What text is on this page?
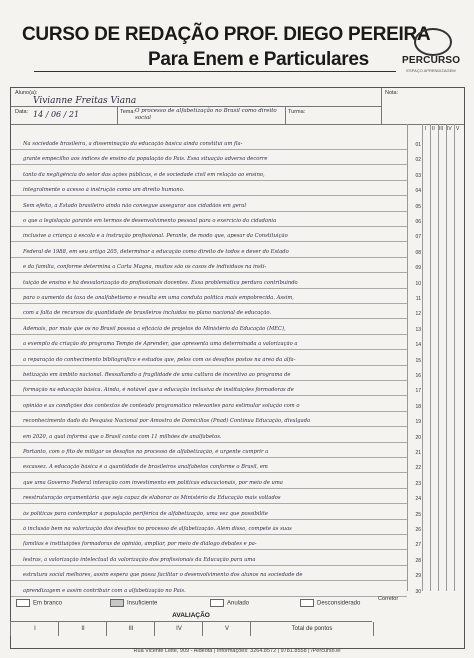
CURSO DE REDAÇÃO PROF. DIEGO PEREIRA
Para Enem e Particulares	PERCURSO
ESPAÇO APRENDIZAGEM
Aluno(a):
Vivianne Freitas Viana
Nota:
Data: 14 / 06 / 21	Tema: O processo de alfabetização no Brasil como direito social
Turma:
I II III IV V
01
Na sociedade brasileira, a disseminação da educação básica ainda constitui um fla-
02
grante empecilho aos índices de ensino da população do País. Essa situação adversa decorre
03
tanto da negligência do setor das ações públicas, e de sociedade civil em relação ao ensino,
04
integralmente o acesso à instrução como um direito humano.
05
Sem efeito, a Estado brasileiro ainda não consegue assegurar aos cidadãos em geral
06
o que a legislação garante em termos de desenvolvimento pessoal para o exercício da cidadania
07
inclusive a criança à escola e a instrução profissional. Perante, de modo que, apesar da Constituição
08
Federal de 1988, em seu artigo 205, determinar a educação como direito de todos e dever do Estado
09
e da família, conforme determina a Carta Magna, muitos são os casos de indivíduos na insti-
10
tuição de ensino e há desvalorização do profissionais docentes. Essa problemática perdura contribuindo
11
para o aumento da taxa de analfabetismo e resulta em uma conduta política mais empobrecida. Assim,
12
com a falta de recursos da quantidade de brasileiros incluídas no plano nacional de educação.
13
Ademais, por mais que os no Brasil possua a eficácia de projetos do Ministério da Educação (MEC),
14
a exemplo da criação do programa Tempo de Aprender, que apresenta uma determinada a valorização a
15
a reparação do conhecimento bibliográfico e estudos que, pelos com os desafios postos na área da alfa-
16
betização em âmbito nacional. Ressaltando a fragilidade de uma cultura de incentivo ao programa de
17
formação na educação básica. Ainda, é notável que a educação inclusiva de instituições formadoras de
18
opinião e as condições dos contextos de conteúdo programático relevantes para estimular solução com o
19
reconhecimento dado da Pesquisa Nacional por Amostra de Domicílios (Pnad) Contínua Educação, divulgada
20
em 2020, a qual informa que o Brasil conta com 11 milhões de analfabetos.
21
Portanto, com o fito de mitigar os desafios no processo de alfabetização, é urgente cumprir a
22
escassez. A educação básica é a quantidade de brasileiros analfabetos conforme o Brasil, em
23
que uma Governo Federal interação com investimento em políticas educacionais, por meio de uma
24
reestruturação orçamentária que seja capaz de elaborar as Ministério da Educação mais voltados
25
às políticas para contemplar a população periférica de alfabetização, uma vez que possibilite
26
à inclusão bem na valorização dos desafios no processo de alfabetização. Além disso, compete às suas
27
famílias e instituições formadoras de opinião, ampliar, por meio de diálogo debates e pa-
28
lestras, a valorização intelectual da valorização dos profissionais da Educação para uma
29
estrutura social melhores, assim espera que possa facilitar o desenvolvimento dos alunos na sociedade de
30
aprendizagem e assim contribuir com a alfabetização no País.
Em branco	Insuficiente	Anulado	Desconsiderado
AVALIAÇÃO
I	II	III	IV	V	Total de pontos
Corretor
Rua Vicente Leite, 909 - Aldeota | Informações: 3264.8572 | 9781.8558 | /Percurso.ei
